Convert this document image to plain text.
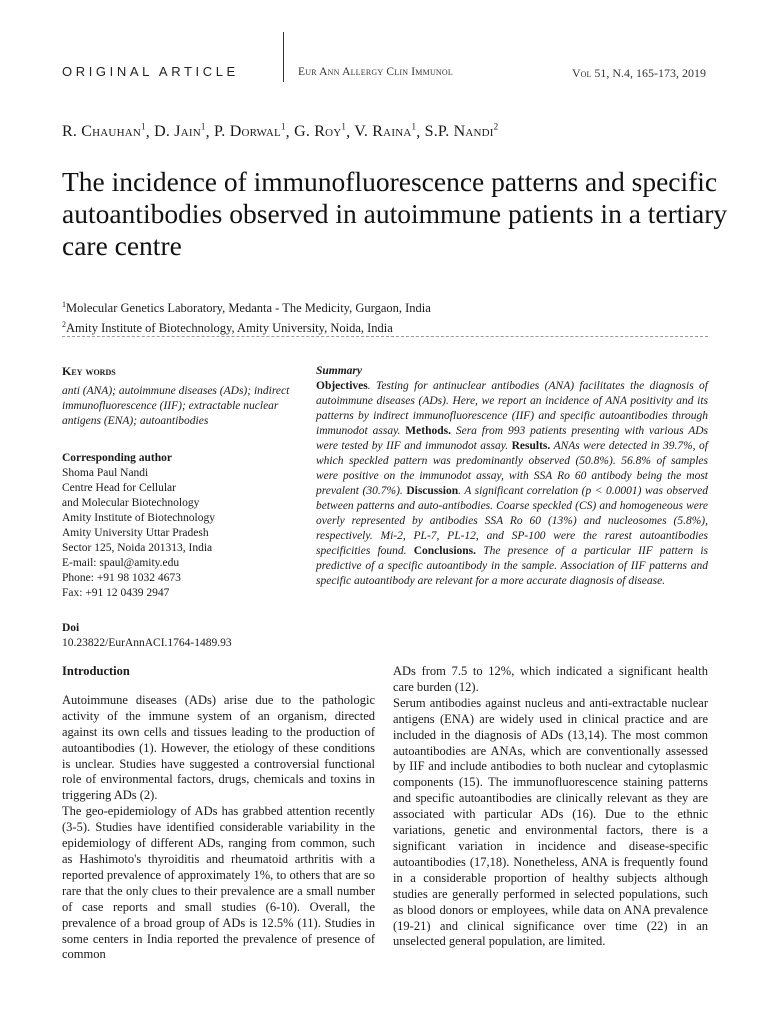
ORIGINAL ARTICLE	Eur Ann Allergy Clin Immunol	Vol 51, N.4, 165-173, 2019
R. Chauhan$^1$, D. Jain$^1$, P. Dorwal$^1$, G. Roy$^1$, V. Raina$^1$, S.P. Nandi$^2$
The incidence of immunofluorescence patterns and specific autoantibodies observed in autoimmune patients in a tertiary care centre
$^1$Molecular Genetics Laboratory, Medanta - The Medicity, Gurgaon, India
$^2$Amity Institute of Biotechnology, Amity University, Noida, India
Key words
anti (ANA); autoimmune diseases (ADs); indirect immunofluorescence (IIF); extractable nuclear antigens (ENA); autoantibodies
Corresponding author
Shoma Paul Nandi
Centre Head for Cellular
and Molecular Biotechnology
Amity Institute of Biotechnology
Amity University Uttar Pradesh
Sector 125, Noida 201313, India
E-mail: spaul@amity.edu
Phone: +91 98 1032 4673
Fax: +91 12 0439 2947
Doi
10.23822/EurAnnACI.1764-1489.93
Summary
Objectives. Testing for antinuclear antibodies (ANA) facilitates the diagnosis of autoimmune diseases (ADs). Here, we report an incidence of ANA positivity and its patterns by indirect immunofluorescence (IIF) and specific autoantibodies through immunodot assay. Methods. Sera from 993 patients presenting with various ADs were tested by IIF and immunodot assay. Results. ANAs were detected in 39.7%, of which speckled pattern was predominantly observed (50.8%). 56.8% of samples were positive on the immunodot assay, with SSA Ro 60 antibody being the most prevalent (30.7%). Discussion. A significant correlation (p < 0.0001) was observed between patterns and auto-antibodies. Coarse speckled (CS) and homogeneous were overly represented by antibodies SSA Ro 60 (13%) and nucleosomes (5.8%), respectively. Mi-2, PL-7, PL-12, and SP-100 were the rarest autoantibodies specificities found. Conclusions. The presence of a particular IIF pattern is predictive of a specific autoantibody in the sample. Association of IIF patterns and specific autoantibody are relevant for a more accurate diagnosis of disease.
Introduction

Autoimmune diseases (ADs) arise due to the pathologic activity of the immune system of an organism, directed against its own cells and tissues leading to the production of autoantibodies (1). However, the etiology of these conditions is unclear. Studies have suggested a controversial functional role of environmental factors, drugs, chemicals and toxins in triggering ADs (2).

The geo-epidemiology of ADs has grabbed attention recently (3-5). Studies have identified considerable variability in the epidemiology of different ADs, ranging from common, such as Hashimoto's thyroiditis and rheumatoid arthritis with a reported prevalence of approximately 1%, to others that are so rare that the only clues to their prevalence are a small number of case reports and small studies (6-10). Overall, the prevalence of a broad group of ADs is 12.5% (11). Studies in some centers in India reported the prevalence of presence of common

ADs from 7.5 to 12%, which indicated a significant health care burden (12).

Serum antibodies against nucleus and anti-extractable nuclear antigens (ENA) are widely used in clinical practice and are included in the diagnosis of ADs (13,14). The most common autoantibodies are ANAs, which are conventionally assessed by IIF and include antibodies to both nuclear and cytoplasmic components (15). The immunofluorescence staining patterns and specific autoantibodies are clinically relevant as they are associated with particular ADs (16). Due to the ethnic variations, genetic and environmental factors, there is a significant variation in incidence and disease-specific autoantibodies (17,18). Nonetheless, ANA is frequently found in a considerable proportion of healthy subjects although studies are generally performed in selected populations, such as blood donors or employees, while data on ANA prevalence (19-21) and clinical significance over time (22) in an unselected general population, are limited.
